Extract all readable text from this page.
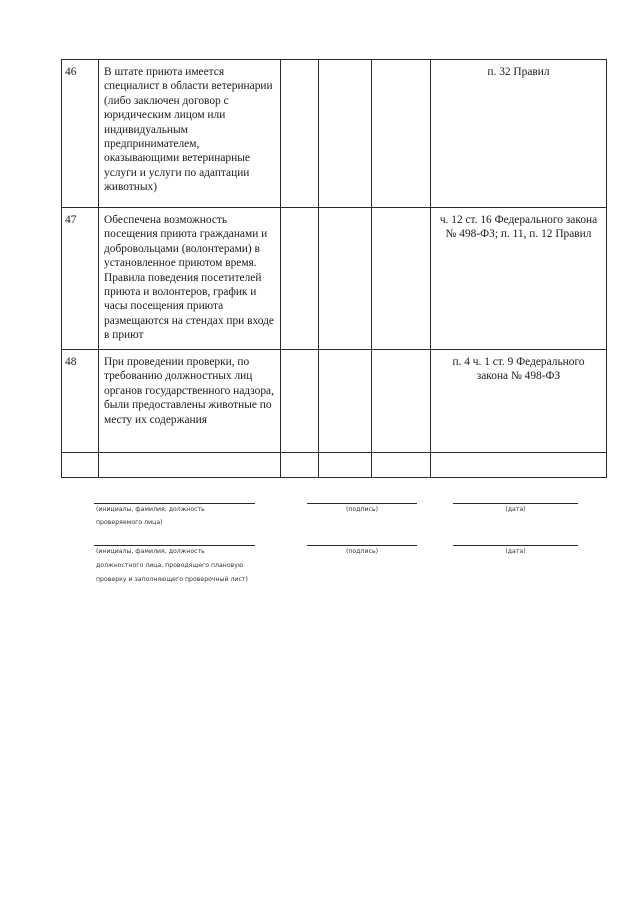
46	В штате приюта имеется специалист в области ветеринарии (либо заключен договор с юридическим лицом или индивидуальным предпринимателем, оказывающими ветеринарные услуги и услуги по адаптации животных)				п. 32 Правил
47	Обеспечена возможность посещения приюта гражданами и добровольцами (волонтерами) в установленное приютом время. Правила поведения посетителей приюта и волонтеров, график и часы посещения приюта размещаются на стендах при входе в приют				ч. 12 ст. 16 Федерального закона № 498-ФЗ; п. 11, п. 12 Правил
48	При проведении проверки, по требованию должностных лиц органов государственного надзора, были предоставлены животные по месту их содержания				п. 4 ч. 1 ст. 9 Федерального закона № 498-ФЗ

(инициалы, фамилия, должность
проверяемого лица)
(подпись)	(дата)
(инициалы, фамилия, должность
должностного лица, проводящего плановую
проверку и заполняющего проверочный лист)
(подпись)	(дата)
